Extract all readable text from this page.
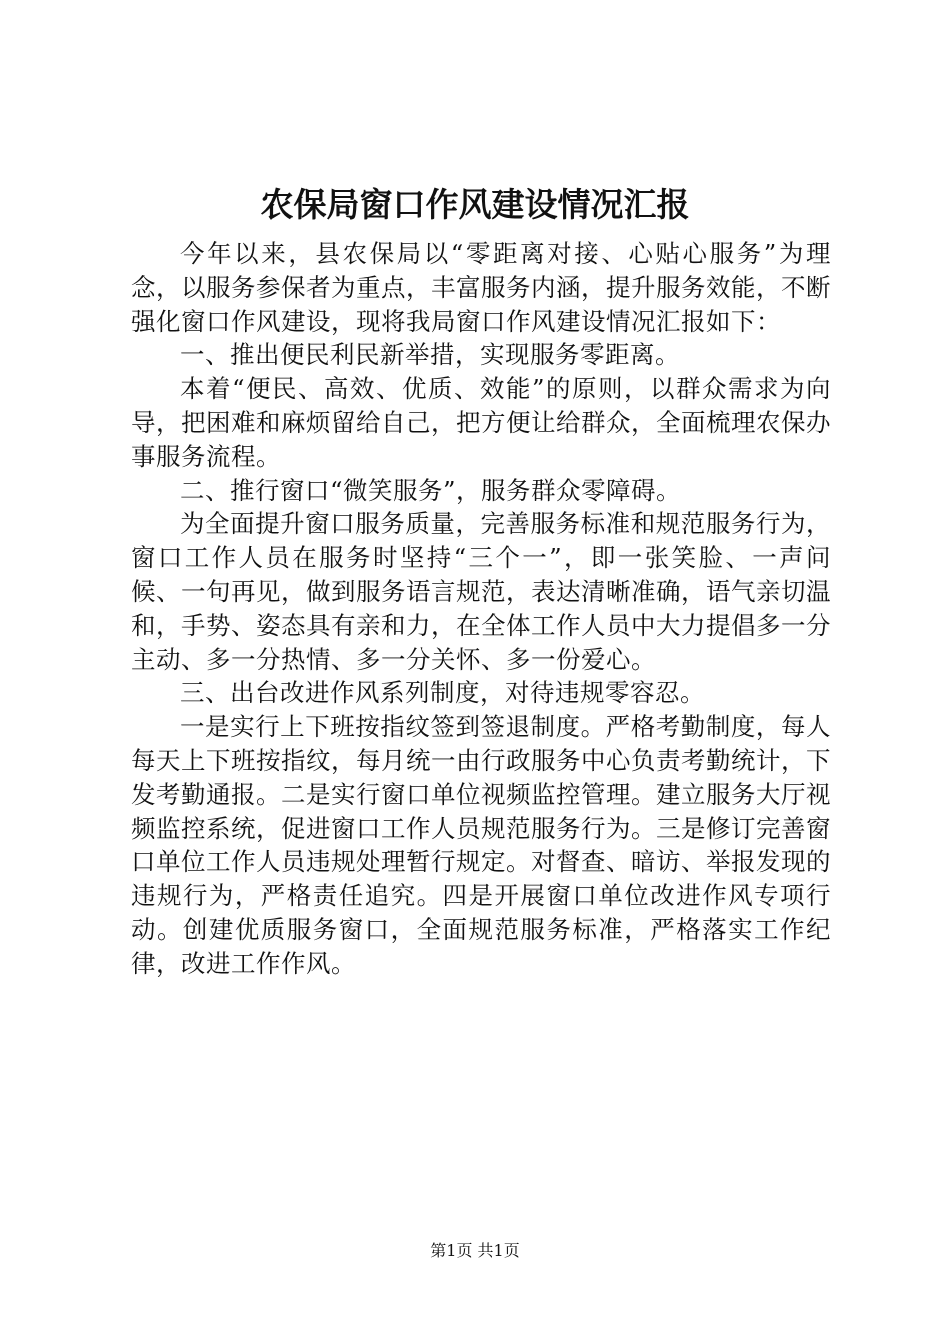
农保局窗口作风建设情况汇报

今年以来，县农保局以“零距离对接、心贴心服务”为理念，以服务参保者为重点，丰富服务内涵，提升服务效能，不断强化窗口作风建设，现将我局窗口作风建设情况汇报如下：

一、推出便民利民新举措，实现服务零距离。

本着“便民、高效、优质、效能”的原则，以群众需求为向导，把困难和麻烦留给自己，把方便让给群众，全面梳理农保办事服务流程。

二、推行窗口“微笑服务”，服务群众零障碍。

为全面提升窗口服务质量，完善服务标准和规范服务行为，窗口工作人员在服务时坚持“三个一”，即一张笑脸、一声问候、一句再见，做到服务语言规范，表达清晰准确，语气亲切温和，手势、姿态具有亲和力，在全体工作人员中大力提倡多一分主动、多一分热情、多一分关怀、多一份爱心。

三、出台改进作风系列制度，对待违规零容忍。

一是实行上下班按指纹签到签退制度。严格考勤制度，每人每天上下班按指纹，每月统一由行政服务中心负责考勤统计，下发考勤通报。二是实行窗口单位视频监控管理。建立服务大厅视频监控系统，促进窗口工作人员规范服务行为。三是修订完善窗口单位工作人员违规处理暂行规定。对督查、暗访、举报发现的违规行为，严格责任追究。四是开展窗口单位改进作风专项行动。创建优质服务窗口，全面规范服务标准，严格落实工作纪律，改进工作作风。

第1页 共1页
